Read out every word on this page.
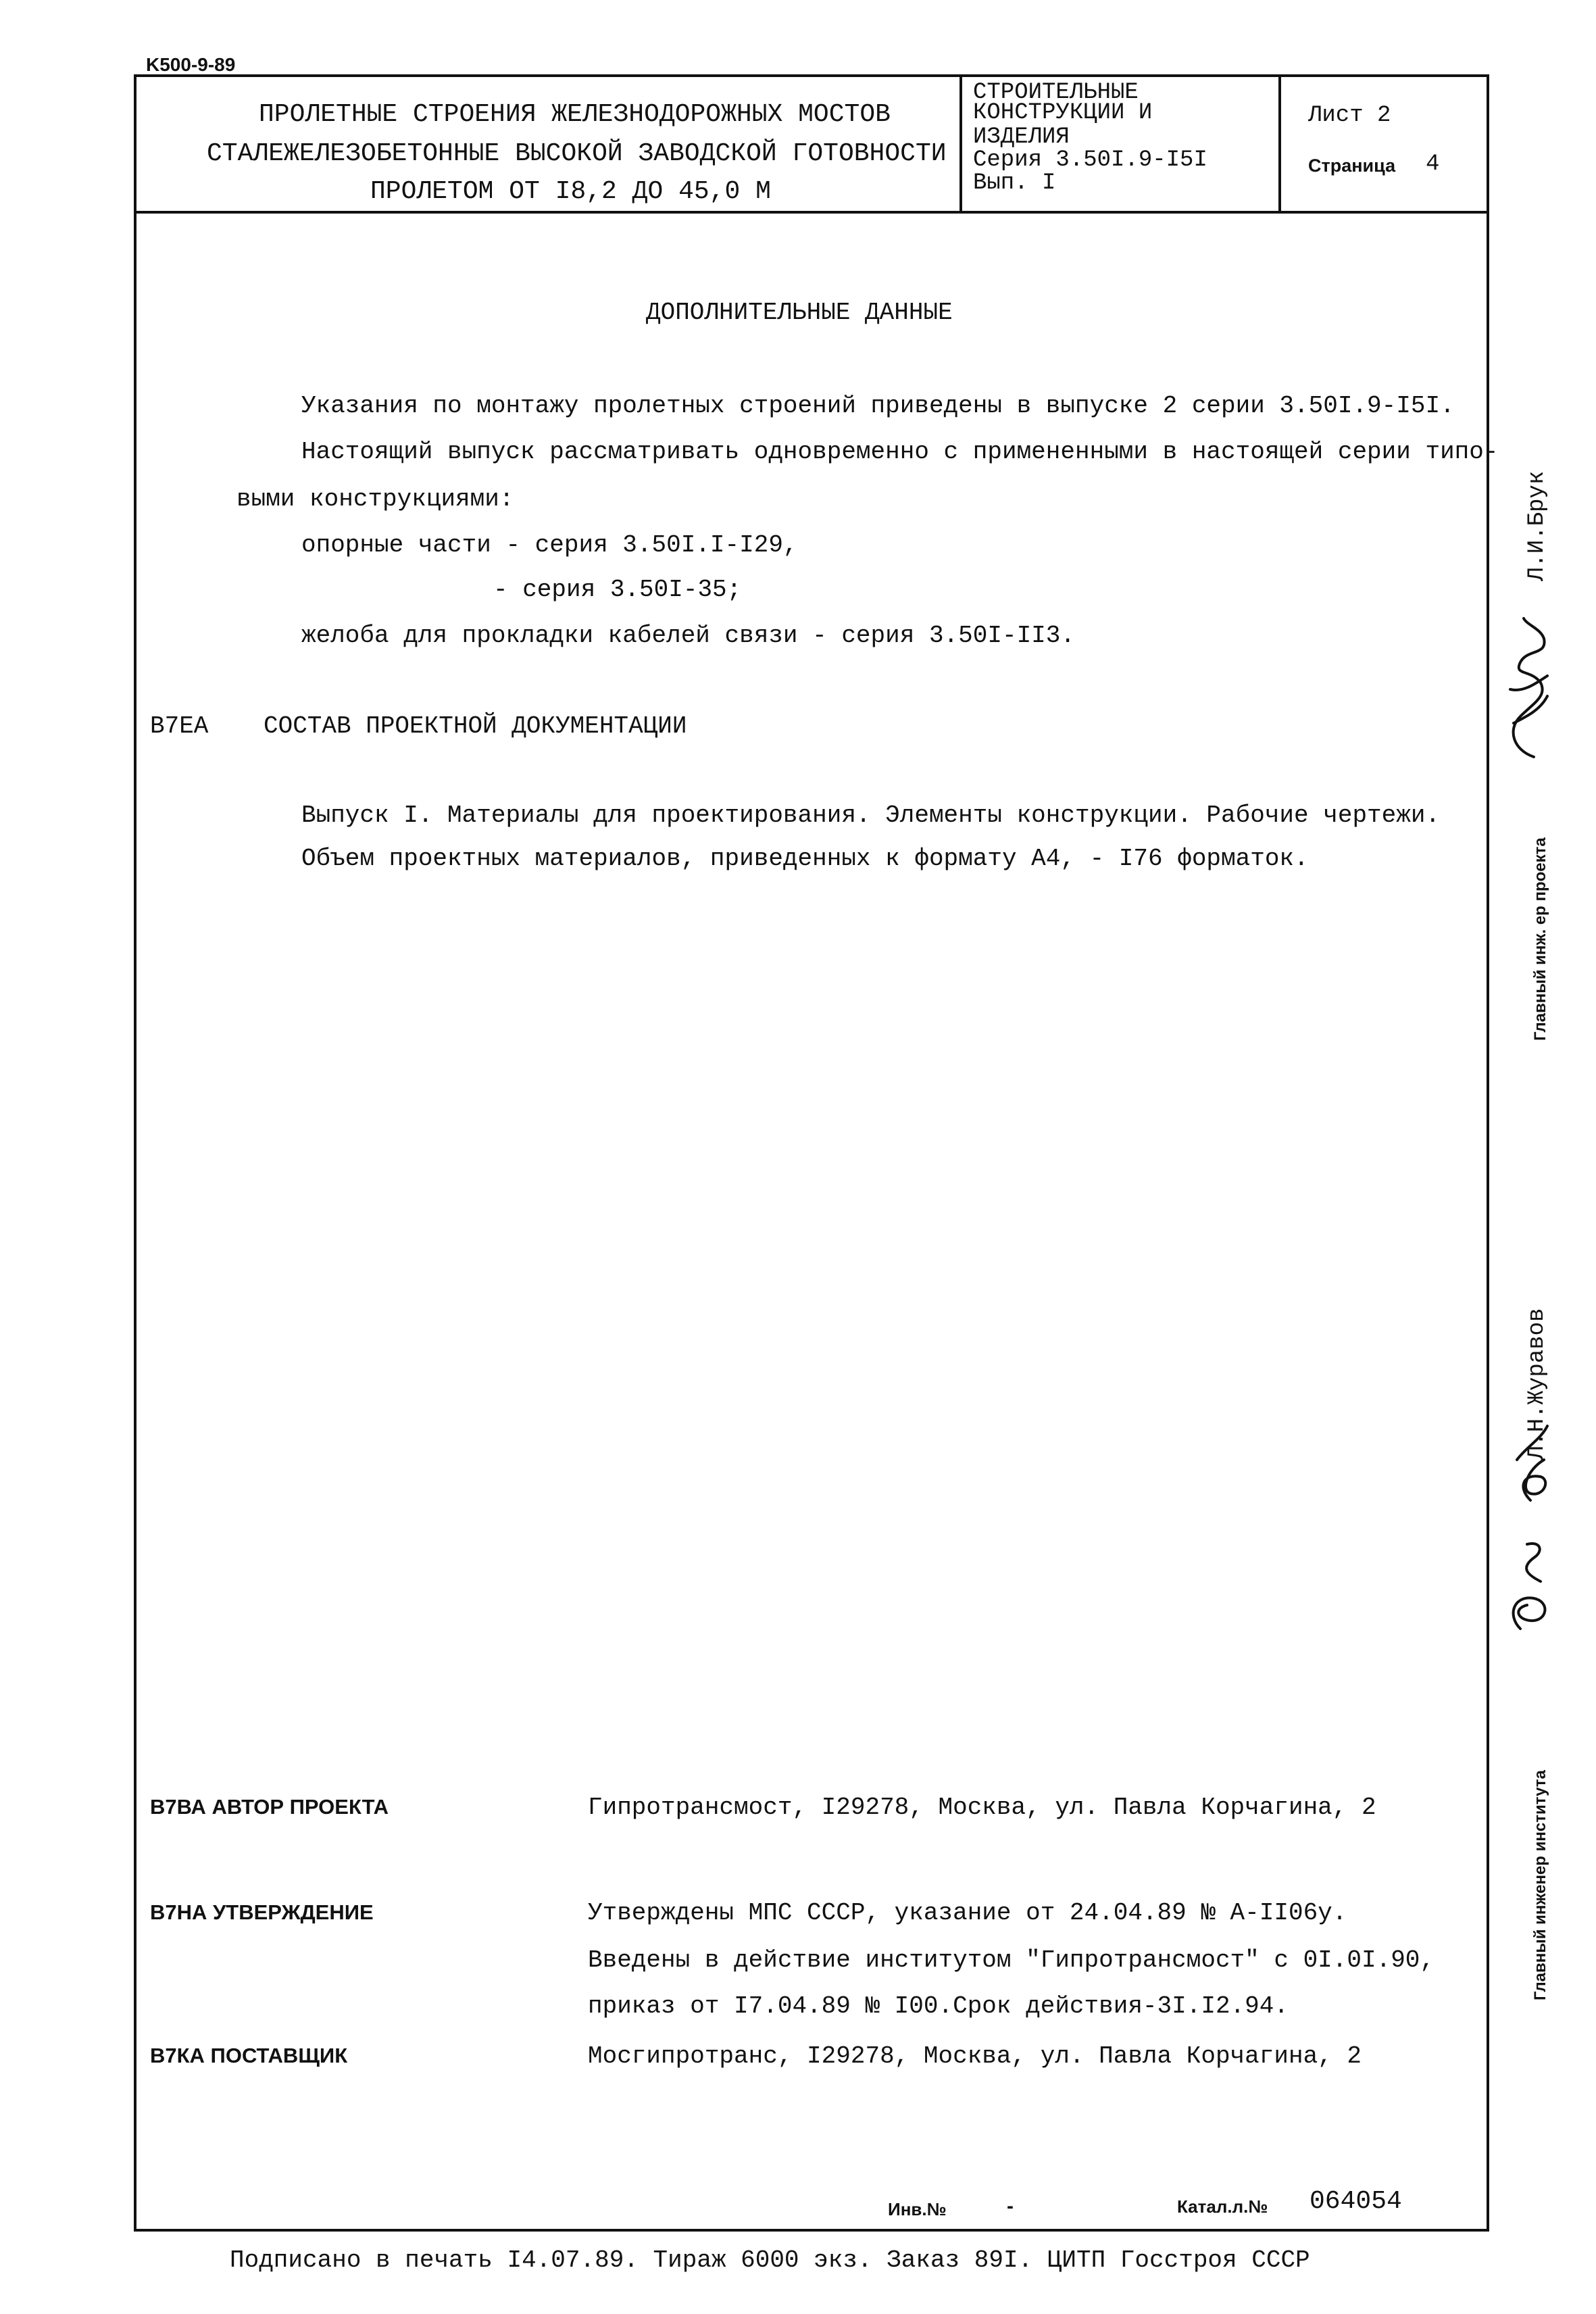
K500-9-89
ПРОЛЕТНЫЕ СТРОЕНИЯ ЖЕЛЕЗНОДОРОЖНЫХ МОСТОВ
СТАЛЕЖЕЛЕЗОБЕТОННЫЕ ВЫСОКОЙ ЗАВОДСКОЙ ГОТОВНОСТИ
ПРОЛЕТОМ ОТ I8,2 ДО 45,0 М
СТРОИТЕЛЬНЫЕ
КОНСТРУКЦИИ И
ИЗДЕЛИЯ
Серия 3.50I.9-I5I
Вып. I
Лист 2
Страница 4
ДОПОЛНИТЕЛЬНЫЕ ДАННЫЕ
Указания по монтажу пролетных строений приведены в выпуске 2 серии 3.50I.9-I5I.
Настоящий выпуск рассматривать одновременно с примененными в настоящей серии типо-
выми конструкциями:
опорные части - серия 3.50I.I-I29,
- серия 3.50I-35;
желоба для прокладки кабелей связи - серия 3.50I-II3.
В7ЕА СОСТАВ ПРОЕКТНОЙ ДОКУМЕНТАЦИИ
Выпуск I. Материалы для проектирования. Элементы конструкции. Рабочие чертежи.
Объем проектных материалов, приведенных к формату А4, - I76 форматок.
В7ВА АВТОР ПРОЕКТА	Гипротрансмост, I29278, Москва, ул. Павла Корчагина, 2
В7НА УТВЕРЖДЕНИЕ	Утверждены МПС СССР, указание от 24.04.89 № А-II06у.
Введены в действие институтом "Гипротрансмост" с 0I.0I.90,
приказ от I7.04.89 № I00.Срок действия-3I.I2.94.
В7КА ПОСТАВЩИК	Мосгипротранс, I29278, Москва, ул. Павла Корчагина, 2
Инв.№	-	Катал.л.№ 064054
Главный инж. ер проекта
Л.И.Брук
Главный инженер института
Л.Н.Журавов
Подписано в печать I4.07.89. Тираж 6000 экз. Заказ 89I. ЦИТП Госстроя СССР
